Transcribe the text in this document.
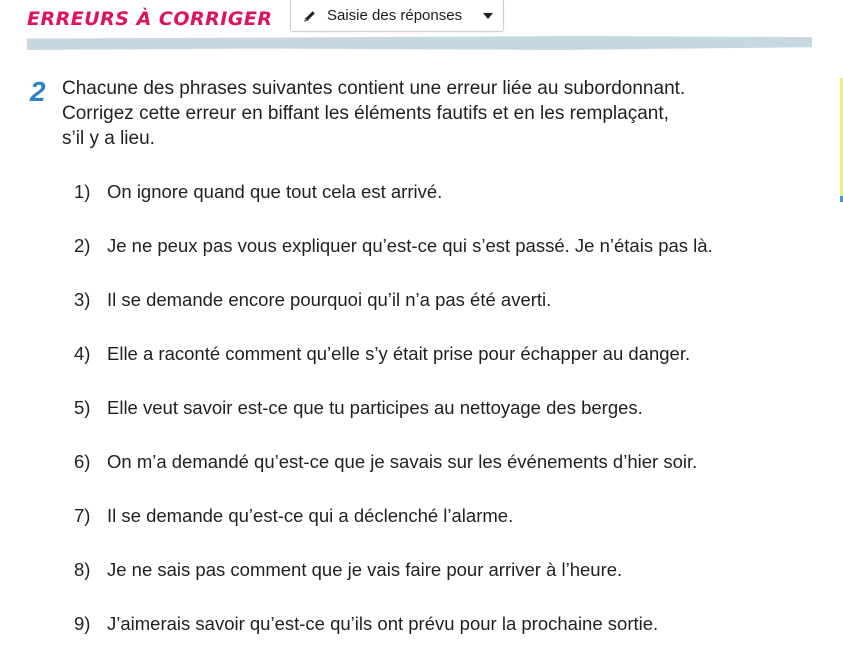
ERREURS À CORRIGER	Saisie des réponses
2 Chacune des phrases suivantes contient une erreur liée au subordonnant.
Corrigez cette erreur en biffant les éléments fautifs et en les remplaçant,
s’il y a lieu.
1) On ignore quand que tout cela est arrivé.
2) Je ne peux pas vous expliquer qu’est-ce qui s’est passé. Je n’étais pas là.
3) Il se demande encore pourquoi qu’il n’a pas été averti.
4) Elle a raconté comment qu’elle s’y était prise pour échapper au danger.
5) Elle veut savoir est-ce que tu participes au nettoyage des berges.
6) On m’a demandé qu’est-ce que je savais sur les événements d’hier soir.
7) Il se demande qu’est-ce qui a déclenché l’alarme.
8) Je ne sais pas comment que je vais faire pour arriver à l’heure.
9) J’aimerais savoir qu’est-ce qu’ils ont prévu pour la prochaine sortie.
